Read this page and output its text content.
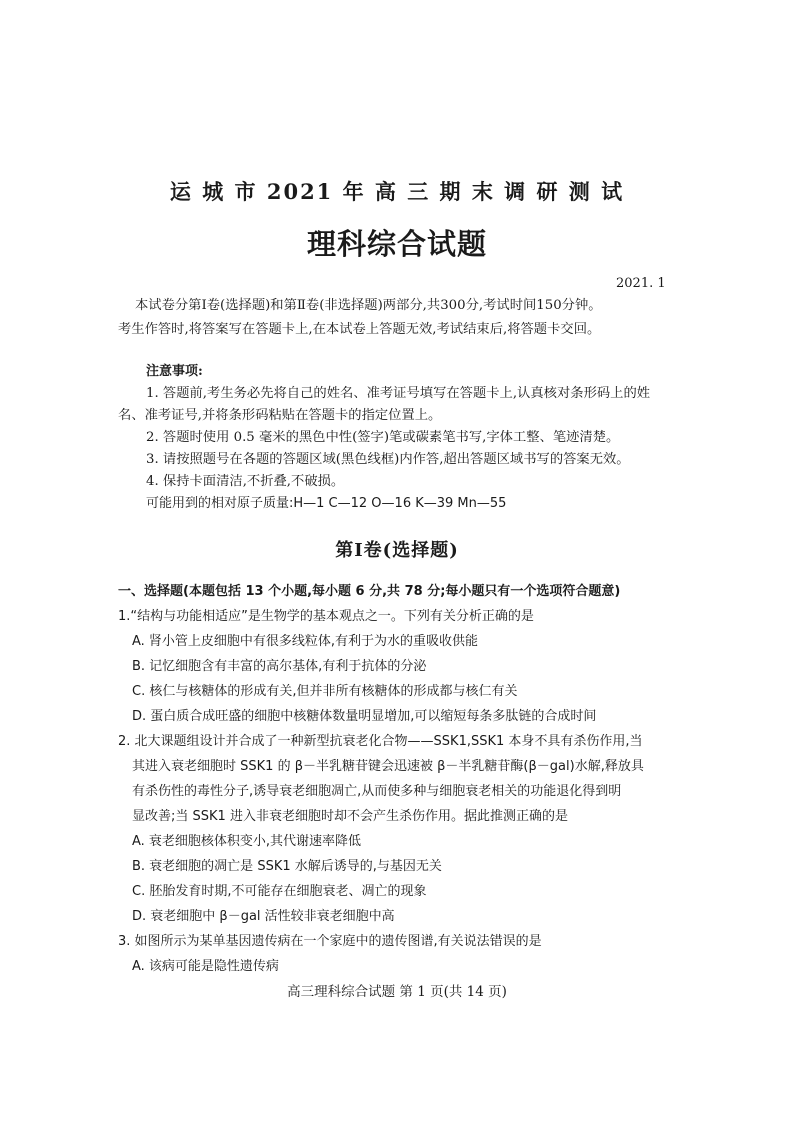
运 城 市 2021 年 高 三 期 末 调 研 测 试
理科综合试题
2021. 1
本试卷分第Ⅰ卷(选择题)和第Ⅱ卷(非选择题)两部分,共300分,考试时间150分钟。
考生作答时,将答案写在答题卡上,在本试卷上答题无效,考试结束后,将答题卡交回。
注意事项:
1. 答题前,考生务必先将自己的姓名、准考证号填写在答题卡上,认真核对条形码上的姓
名、准考证号,并将条形码粘贴在答题卡的指定位置上。
2. 答题时使用 0.5 毫米的黑色中性(签字)笔或碳素笔书写,字体工整、笔迹清楚。
3. 请按照题号在各题的答题区域(黑色线框)内作答,超出答题区域书写的答案无效。
4. 保持卡面清洁,不折叠,不破损。
可能用到的相对原子质量:H—1 C—12 O—16 K—39 Mn—55
第Ⅰ卷(选择题)
一、选择题(本题包括 13 个小题,每小题 6 分,共 78 分;每小题只有一个选项符合题意)
1.“结构与功能相适应”是生物学的基本观点之一。下列有关分析正确的是
A. 肾小管上皮细胞中有很多线粒体,有利于为水的重吸收供能
B. 记忆细胞含有丰富的高尔基体,有利于抗体的分泌
C. 核仁与核糖体的形成有关,但并非所有核糖体的形成都与核仁有关
D. 蛋白质合成旺盛的细胞中核糖体数量明显增加,可以缩短每条多肽链的合成时间
2. 北大课题组设计并合成了一种新型抗衰老化合物——SSK1,SSK1 本身不具有杀伤作用,当
其进入衰老细胞时 SSK1 的 β－半乳糖苷键会迅速被 β－半乳糖苷酶(β－gal)水解,释放具
有杀伤性的毒性分子,诱导衰老细胞凋亡,从而使多种与细胞衰老相关的功能退化得到明
显改善;当 SSK1 进入非衰老细胞时却不会产生杀伤作用。据此推测正确的是
A. 衰老细胞核体积变小,其代谢速率降低
B. 衰老细胞的凋亡是 SSK1 水解后诱导的,与基因无关
C. 胚胎发育时期,不可能存在细胞衰老、凋亡的现象
D. 衰老细胞中 β－gal 活性较非衰老细胞中高
3. 如图所示为某单基因遗传病在一个家庭中的遗传图谱,有关说法错误的是
A. 该病可能是隐性遗传病
高三理科综合试题 第 1 页(共 14 页)
